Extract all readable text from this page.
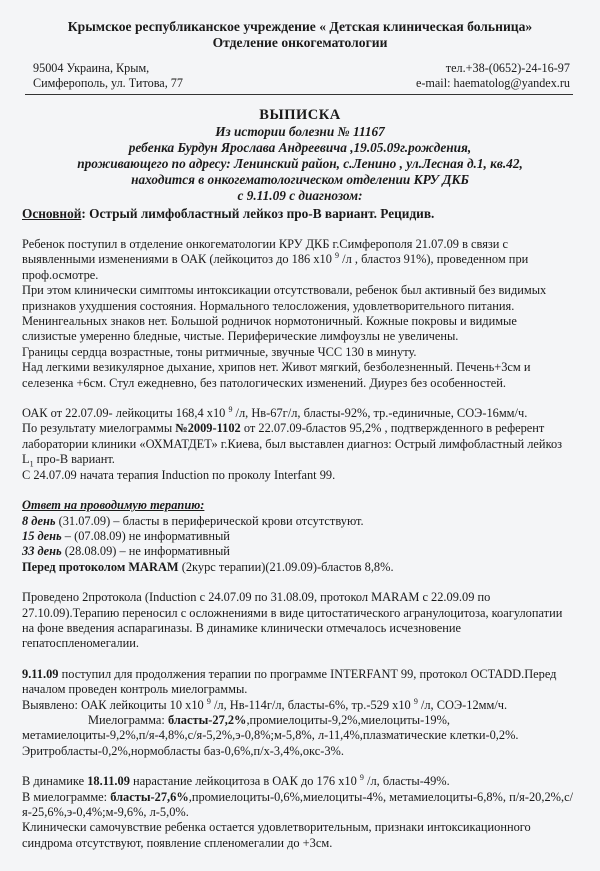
Крымское республиканское учреждение « Детская клиническая больница»
Отделение онкогематологии
95004 Украина, Крым,
Симферополь, ул. Титова, 77
тел.+38-(0652)-24-16-97
e-mail: haematolog@yandex.ru
ВЫПИСКА
Из истории болезни № 11167
ребенка Бурдун Ярослава Андреевича ,19.05.09г.рождения,
проживающего по адресу: Ленинский район, с.Ленино , ул.Лесная д.1, кв.42,
находится в онкогематологическом отделении КРУ ДКБ
с 9.11.09 с диагнозом:
Основной: Острый лимфобластный лейкоз про-В вариант. Рецидив.

Ребенок поступил в отделение онкогематологии КРУ ДКБ г.Симферополя 21.07.09 в связи с выявленными изменениями в ОАК (лейкоцитоз до 186 х10 $^9$ /л , бластоз 91%), проведенном при проф.осмотре.

При этом клинически симптомы интоксикации отсутствовали, ребенок был активный без видимых признаков ухудшения состояния. Нормального телосложения, удовлетворительного питания. Менингеальных знаков нет. Большой родничок нормотоничный. Кожные покровы и видимые слизистые умеренно бледные, чистые. Периферические лимфоузлы не увеличены.

Границы сердца возрастные, тоны ритмичные, звучные ЧСС 130 в минуту.

Над легкими везикулярное дыхание, хрипов нет. Живот мягкий, безболезненный. Печень+3см и селезенка +6см. Стул ежедневно, без патологических изменений. Диурез без особенностей.

ОАК от 22.07.09- лейкоциты 168,4 х10 $^9$ /л, Нв-67г/л, бласты-92%, тр.-единичные, СОЭ-16мм/ч.

По результату миелограммы №2009-1102 от 22.07.09-бластов 95,2% , подтвержденного в референт лаборатории клиники «ОХМАТДЕТ» г.Киева, был выставлен диагноз: Острый лимфобластный лейкоз $L_1$ про-В вариант.

С 24.07.09 начата терапия Induction по проколу Interfant 99.

Ответ на проводимую терапию:

8 день (31.07.09) – бласты в периферической крови отсутствуют.

15 день – (07.08.09) не информативный

33 день (28.08.09) – не информативный

Перед протоколом MARAM (2курс терапии)(21.09.09)-бластов 8,8%.

Проведено 2протокола (Induction с 24.07.09 по 31.08.09, протокол MARAM с 22.09.09 по 27.10.09).Терапию переносил с осложнениями в виде цитостатического агранулоцитоза, коагулопатии на фоне введения аспарагиназы. В динамике клинически отмечалось исчезновение гепатоспленомегалии.

9.11.09 поступил для продолжения терапии по программе INTERFANT 99, протокол OCTADD.Перед началом проведен контроль миелограммы.

Выявлено: ОАК лейкоциты 10 х10 $^9$ /л, Нв-114г/л, бласты-6%, тр.-529 х10 $^9$ /л, СОЭ-12мм/ч.

Миелограмма: бласты-27,2%,промиелоциты-9,2%,миелоциты-19%, метамиелоциты-9,2%,п/я-4,8%,с/я-5,2%,э-0,8%;м-5,8%, л-11,4%,плазматические клетки-0,2%. Эритробласты-0,2%,нормобласты баз-0,6%,п/х-3,4%,окс-3%.

В динамике 18.11.09 нарастание лейкоцитоза в ОАК до 176 х10 $^9$ /л, бласты-49%.

В миелограмме: бласты-27,6%,промиелоциты-0,6%,миелоциты-4%, метамиелоциты-6,8%, п/я-20,2%,с/я-25,6%,э-0,4%;м-9,6%, л-5,0%.

Клинически самочувствие ребенка остается удовлетворительным, признаки интоксикационного синдрома отсутствуют, появление спленомегалии до +3см.
